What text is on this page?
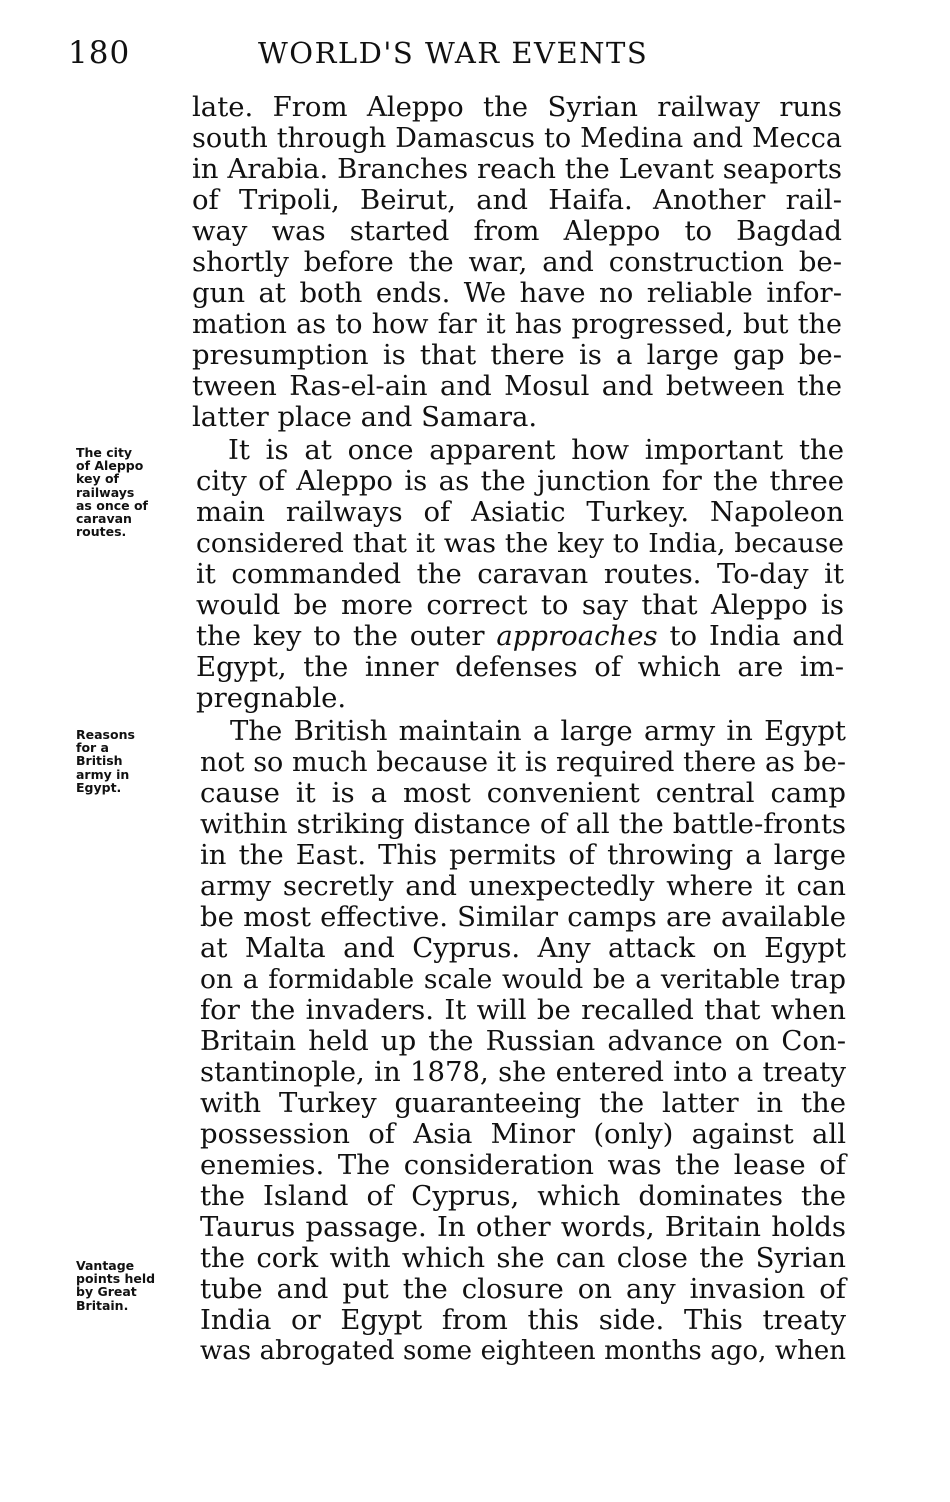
180	WORLD'S WAR EVENTS
The city
of Aleppo
key of
railways
as once of
caravan
routes.
Reasons
for a
British
army in
Egypt.
Vantage
points held
by Great
Britain.
late. From Aleppo the Syrian railway runs
south through Damascus to Medina and Mecca
in Arabia. Branches reach the Levant seaports
of Tripoli, Beirut, and Haifa. Another rail-
way was started from Aleppo to Bagdad
shortly before the war, and construction be-
gun at both ends. We have no reliable infor-
mation as to how far it has progressed, but the
presumption is that there is a large gap be-
tween Ras-el-ain and Mosul and between the
latter place and Samara.
It is at once apparent how important the
city of Aleppo is as the junction for the three
main railways of Asiatic Turkey. Napoleon
considered that it was the key to India, because
it commanded the caravan routes. To-day it
would be more correct to say that Aleppo is
the key to the outer approaches to India and
Egypt, the inner defenses of which are im-
pregnable.
The British maintain a large army in Egypt
not so much because it is required there as be-
cause it is a most convenient central camp
within striking distance of all the battle-fronts
in the East. This permits of throwing a large
army secretly and unexpectedly where it can
be most effective. Similar camps are available
at Malta and Cyprus. Any attack on Egypt
on a formidable scale would be a veritable trap
for the invaders. It will be recalled that when
Britain held up the Russian advance on Con-
stantinople, in 1878, she entered into a treaty
with Turkey guaranteeing the latter in the
possession of Asia Minor (only) against all
enemies. The consideration was the lease of
the Island of Cyprus, which dominates the
Taurus passage. In other words, Britain holds
the cork with which she can close the Syrian
tube and put the closure on any invasion of
India or Egypt from this side. This treaty
was abrogated some eighteen months ago, when
